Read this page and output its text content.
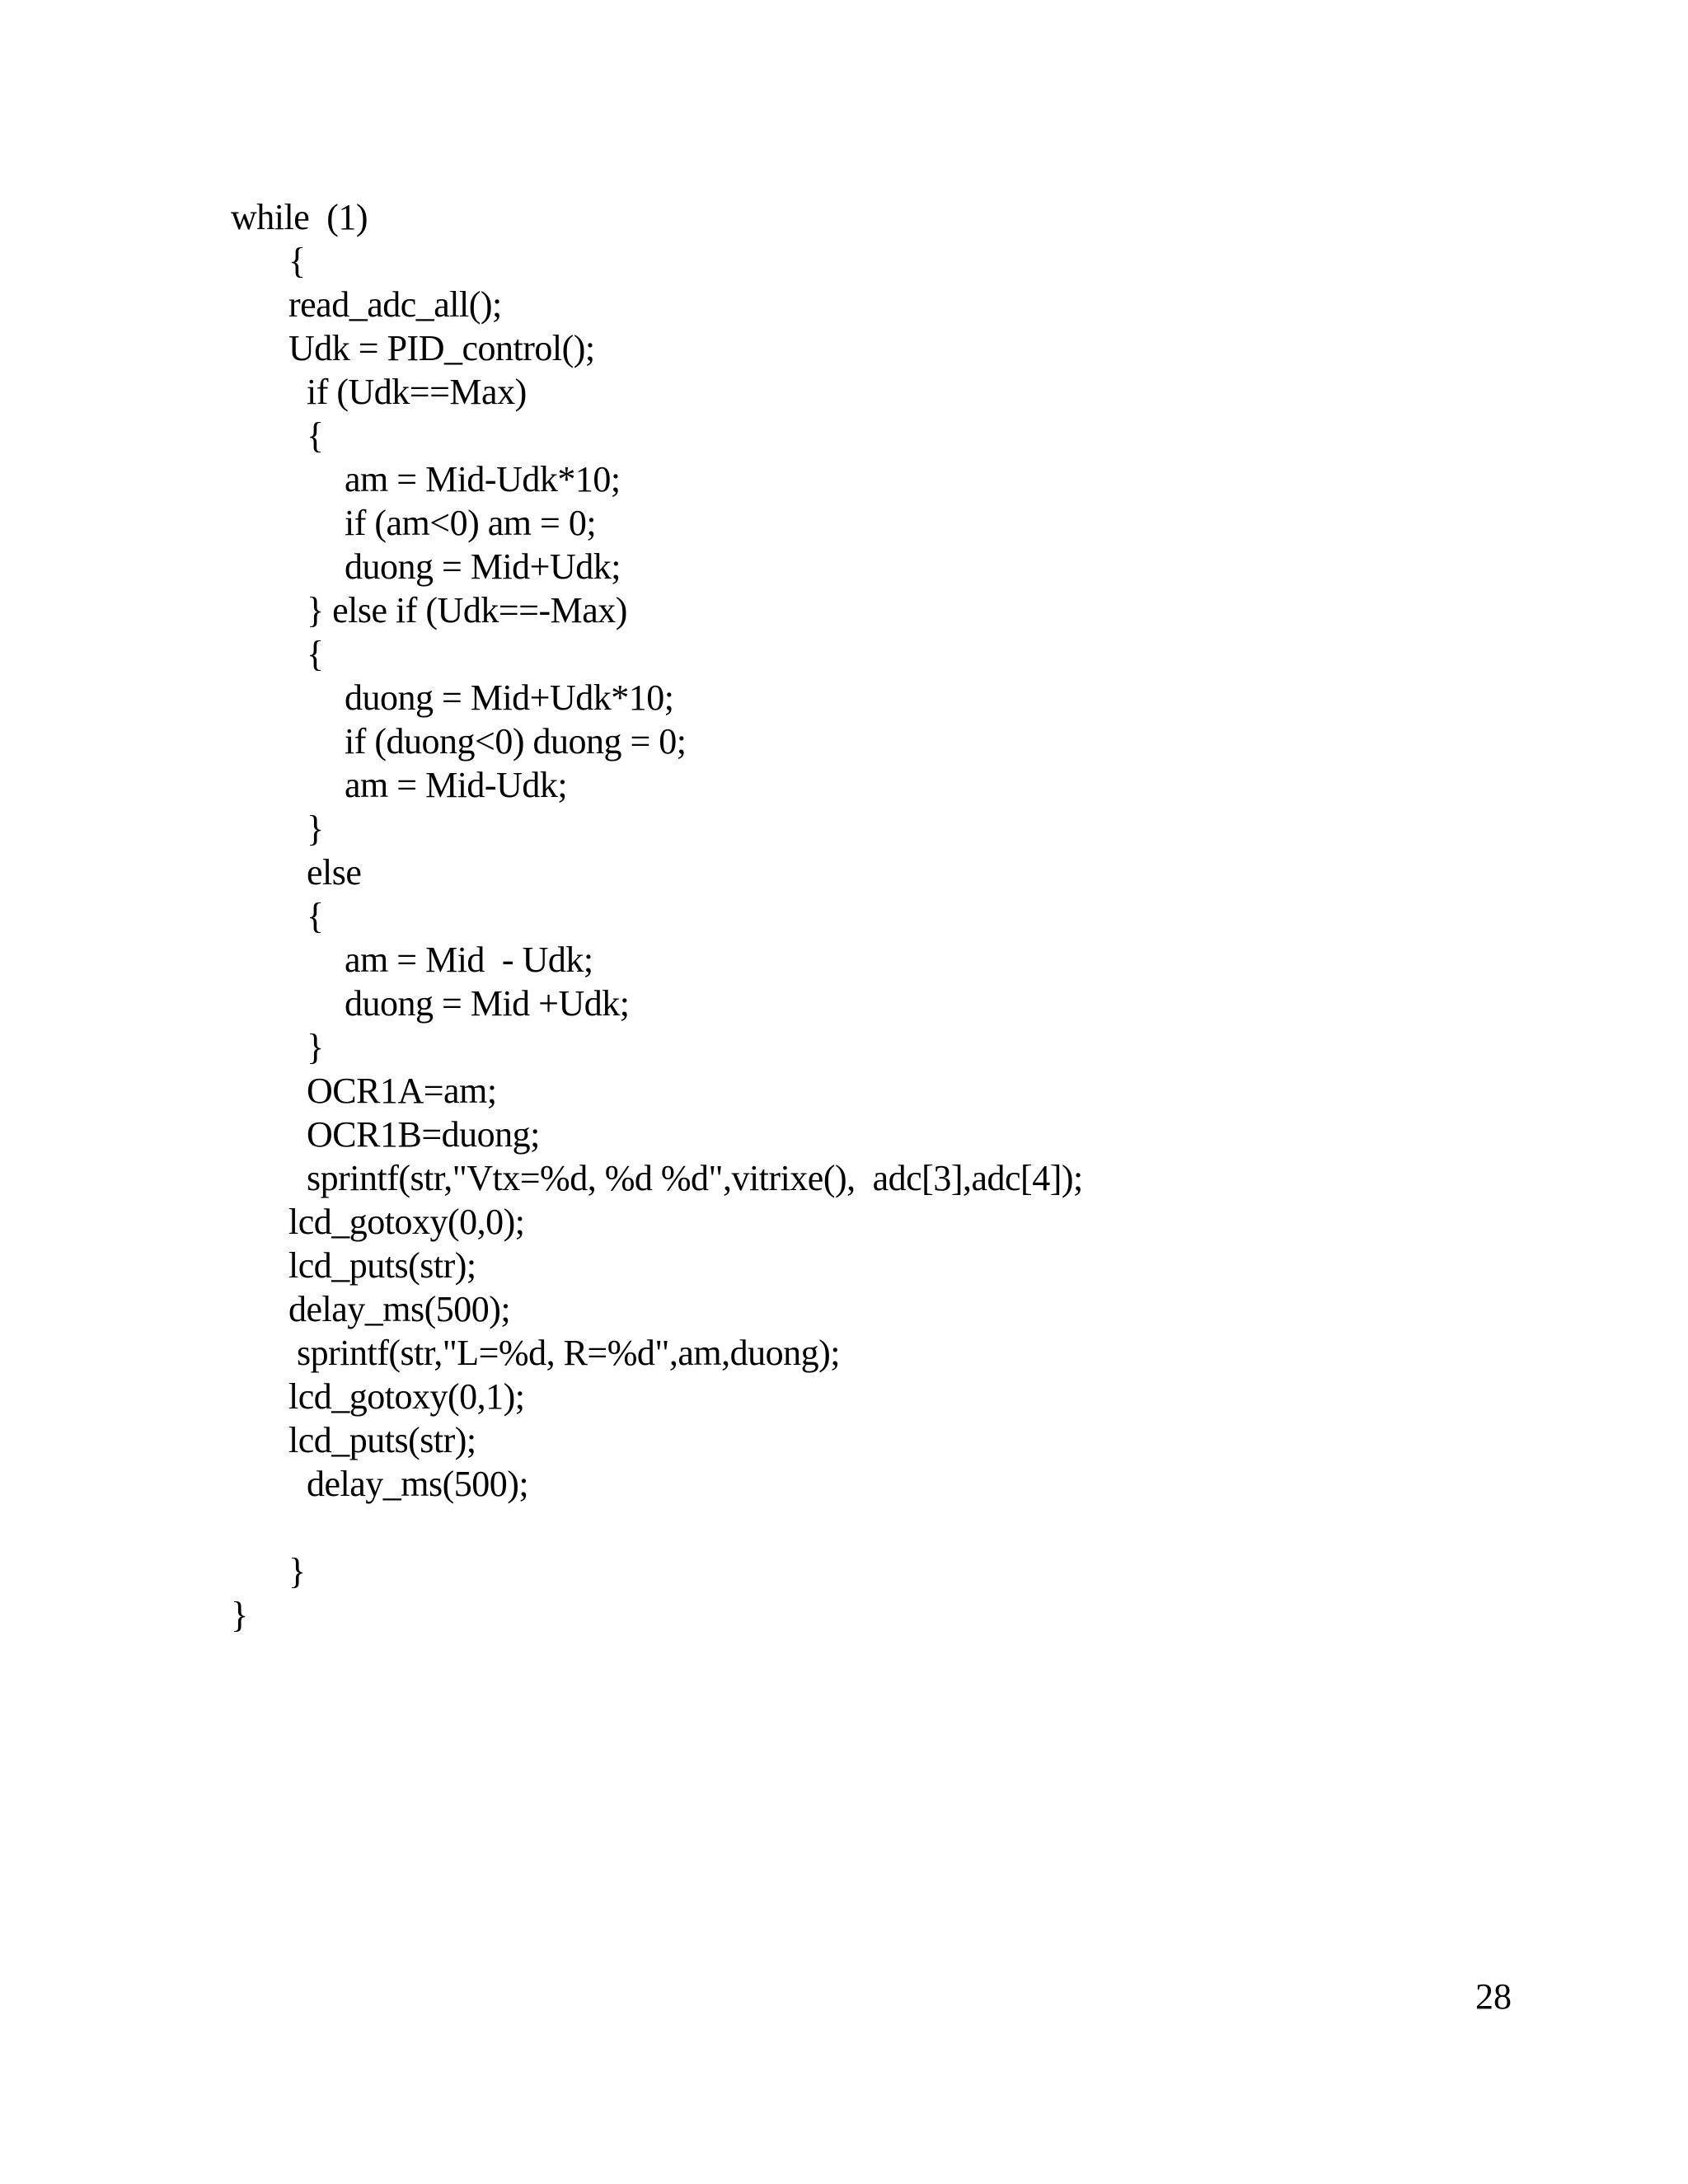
while  (1)
{
read_adc_all();
Udk = PID_control();
if (Udk==Max)
{
am = Mid-Udk*10;
if (am<0) am = 0;
duong = Mid+Udk;
} else if (Udk==-Max)
{
duong = Mid+Udk*10;
if (duong<0) duong = 0;
am = Mid-Udk;
}
else
{
am = Mid  - Udk;
duong = Mid +Udk;
}
OCR1A=am;
OCR1B=duong;
sprintf(str,"Vtx=%d, %d %d",vitrixe(),  adc[3],adc[4]);
lcd_gotoxy(0,0);
lcd_puts(str);
delay_ms(500);
sprintf(str,"L=%d, R=%d",am,duong);
lcd_gotoxy(0,1);
lcd_puts(str);
delay_ms(500);
}
}
28
